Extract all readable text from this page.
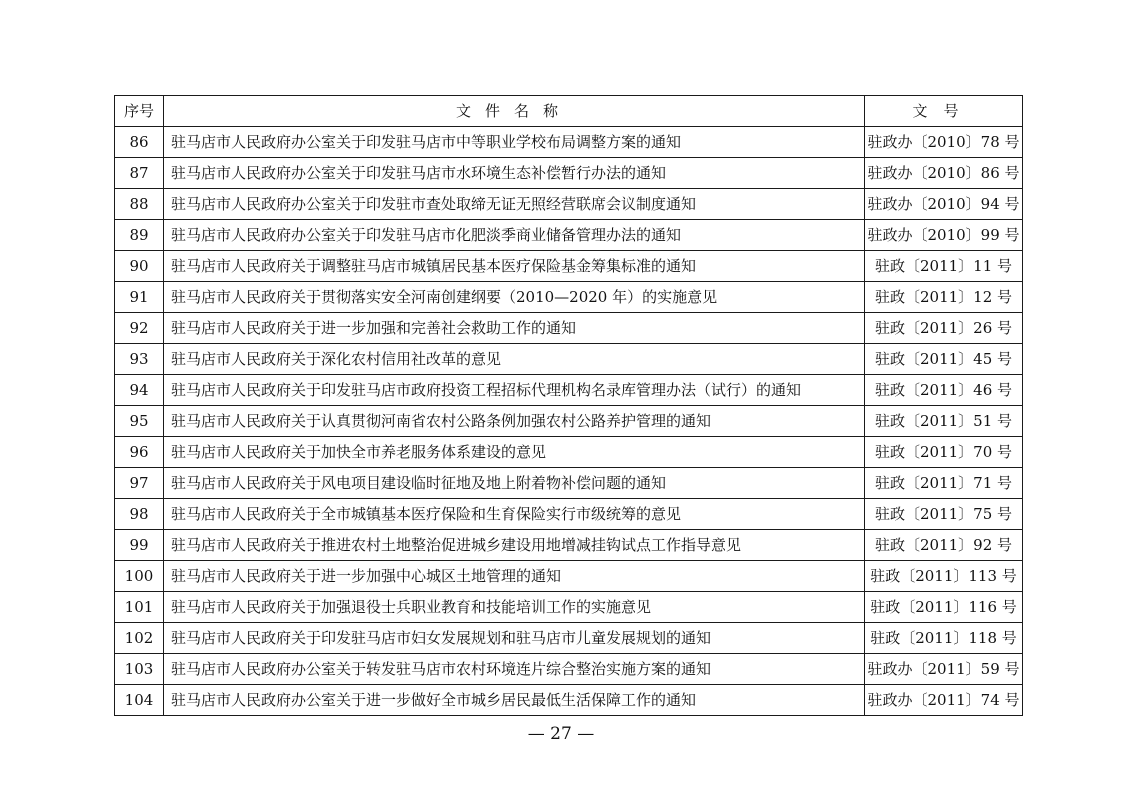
序号	文件名称	文号
86	驻马店市人民政府办公室关于印发驻马店市中等职业学校布局调整方案的通知	驻政办〔2010〕78 号
87	驻马店市人民政府办公室关于印发驻马店市水环境生态补偿暂行办法的通知	驻政办〔2010〕86 号
88	驻马店市人民政府办公室关于印发驻市查处取缔无证无照经营联席会议制度通知	驻政办〔2010〕94 号
89	驻马店市人民政府办公室关于印发驻马店市化肥淡季商业储备管理办法的通知	驻政办〔2010〕99 号
90	驻马店市人民政府关于调整驻马店市城镇居民基本医疗保险基金筹集标准的通知	驻政〔2011〕11 号
91	驻马店市人民政府关于贯彻落实安全河南创建纲要（2010—2020 年）的实施意见	驻政〔2011〕12 号
92	驻马店市人民政府关于进一步加强和完善社会救助工作的通知	驻政〔2011〕26 号
93	驻马店市人民政府关于深化农村信用社改革的意见	驻政〔2011〕45 号
94	驻马店市人民政府关于印发驻马店市政府投资工程招标代理机构名录库管理办法（试行）的通知	驻政〔2011〕46 号
95	驻马店市人民政府关于认真贯彻河南省农村公路条例加强农村公路养护管理的通知	驻政〔2011〕51 号
96	驻马店市人民政府关于加快全市养老服务体系建设的意见	驻政〔2011〕70 号
97	驻马店市人民政府关于风电项目建设临时征地及地上附着物补偿问题的通知	驻政〔2011〕71 号
98	驻马店市人民政府关于全市城镇基本医疗保险和生育保险实行市级统筹的意见	驻政〔2011〕75 号
99	驻马店市人民政府关于推进农村土地整治促进城乡建设用地增减挂钩试点工作指导意见	驻政〔2011〕92 号
100	驻马店市人民政府关于进一步加强中心城区土地管理的通知	驻政〔2011〕113 号
101	驻马店市人民政府关于加强退役士兵职业教育和技能培训工作的实施意见	驻政〔2011〕116 号
102	驻马店市人民政府关于印发驻马店市妇女发展规划和驻马店市儿童发展规划的通知	驻政〔2011〕118 号
103	驻马店市人民政府办公室关于转发驻马店市农村环境连片综合整治实施方案的通知	驻政办〔2011〕59 号
104	驻马店市人民政府办公室关于进一步做好全市城乡居民最低生活保障工作的通知	驻政办〔2011〕74 号
— 27 —
